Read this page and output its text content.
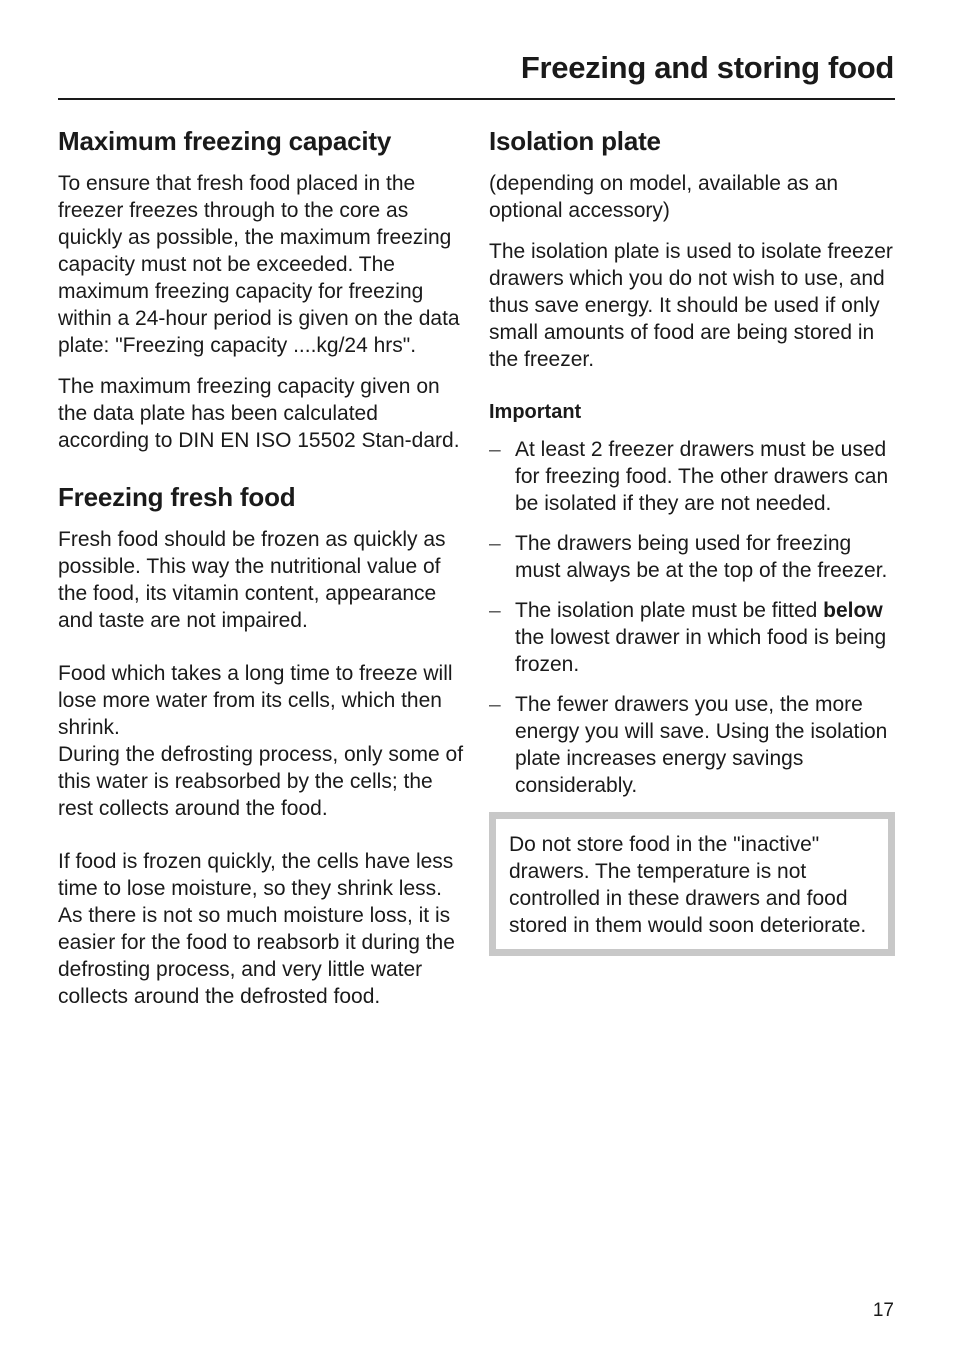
Freezing and storing food
Maximum freezing capacity

To ensure that fresh food placed in the freezer freezes through to the core as quickly as possible, the maximum freezing capacity must not be exceeded. The maximum freezing capacity for freezing within a 24-hour period is given on the data plate: "Freezing capacity ....kg/24 hrs".

The maximum freezing capacity given on the data plate has been calculated according to DIN EN ISO 15502 Stan-dard.

Freezing fresh food

Fresh food should be frozen as quickly as possible. This way the nutritional value of the food, its vitamin content, appearance and taste are not impaired.

Food which takes a long time to freeze will lose more water from its cells, which then shrink.

During the defrosting process, only some of this water is reabsorbed by the cells; the rest collects around the food.

If food is frozen quickly, the cells have less time to lose moisture, so they shrink less. As there is not so much moisture loss, it is easier for the food to reabsorb it during the defrosting process, and very little water collects around the defrosted food.

Isolation plate

(depending on model, available as an optional accessory)

The isolation plate is used to isolate freezer drawers which you do not wish to use, and thus save energy. It should be used if only small amounts of food are being stored in the freezer.

Important
– At least 2 freezer drawers must be used for freezing food. The other drawers can be isolated if they are not needed.
– The drawers being used for freezing must always be at the top of the freezer.
– The isolation plate must be fitted below the lowest drawer in which food is being frozen.
– The fewer drawers you use, the more energy you will save. Using the isolation plate increases energy savings considerably.
Do not store food in the "inactive" drawers. The temperature is not controlled in these drawers and food stored in them would soon deteriorate.
17
